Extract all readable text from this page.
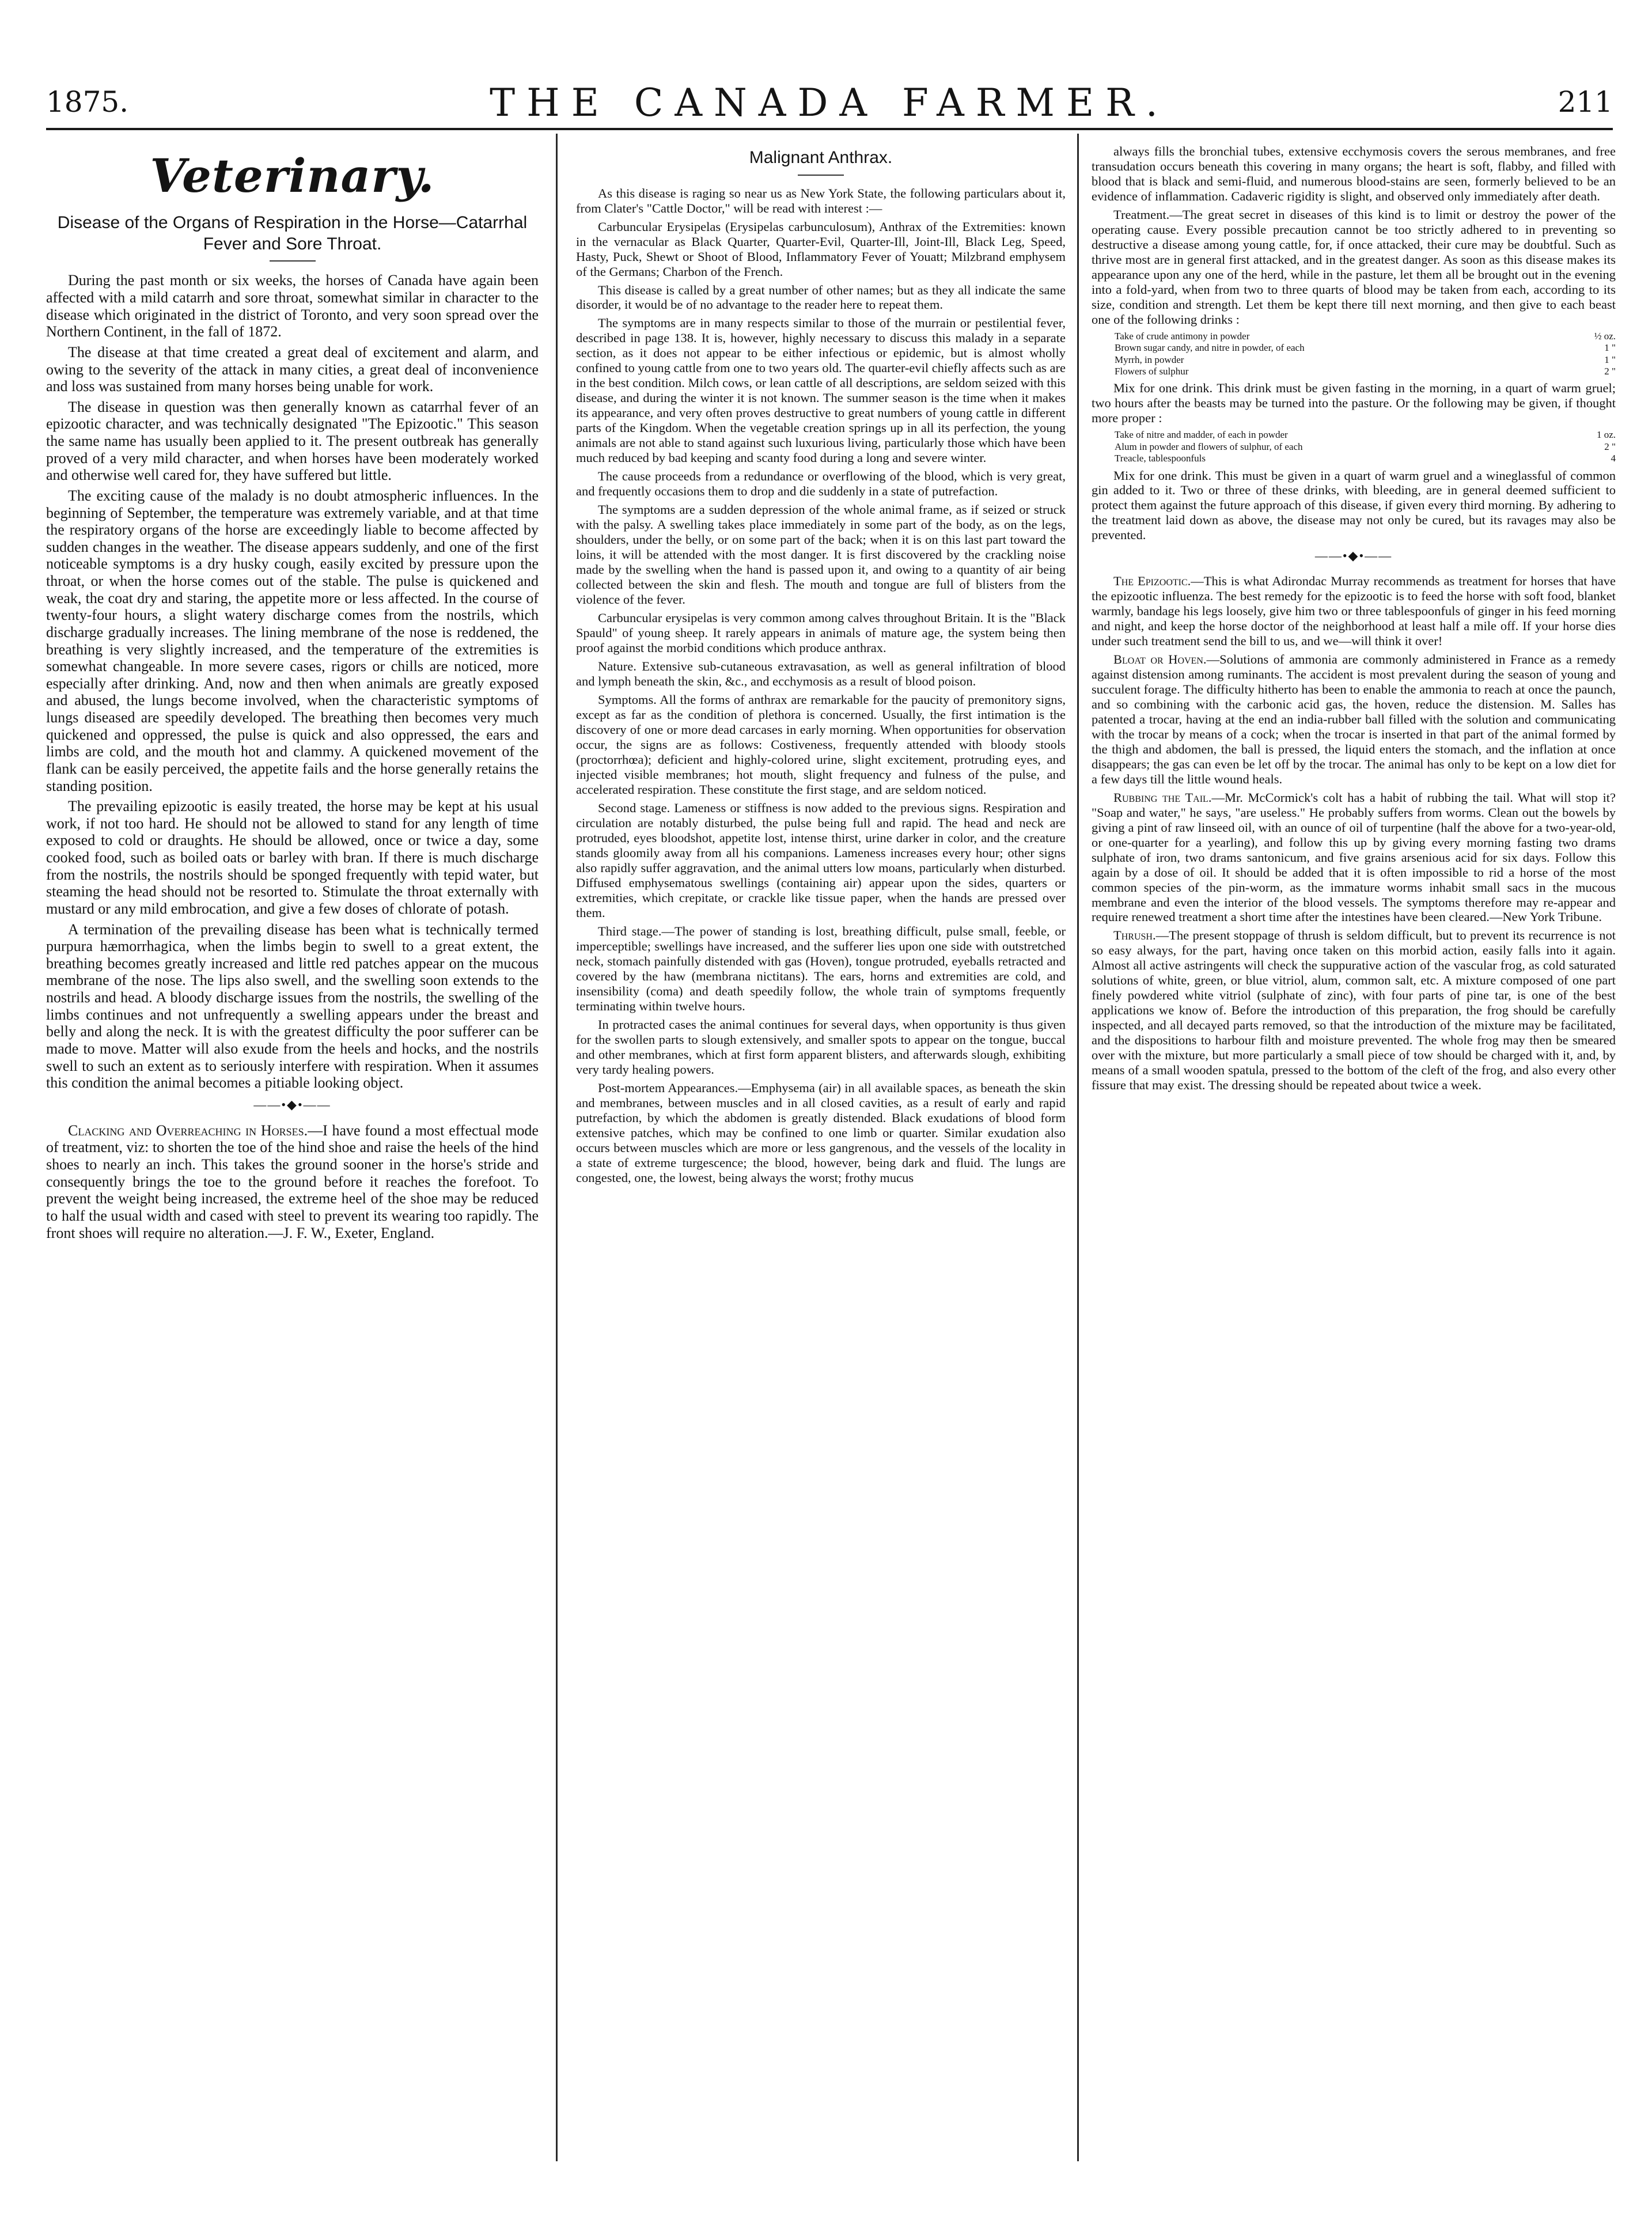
1875.	THE CANADA FARMER.	211
Veterinary.

Disease of the Organs of Respiration in the Horse—Catarrhal Fever and Sore Throat.

During the past month or six weeks, the horses of Canada have again been affected with a mild catarrh and sore throat, somewhat similar in character to the disease which originated in the district of Toronto, and very soon spread over the Northern Continent, in the fall of 1872.

The disease at that time created a great deal of excitement and alarm, and owing to the severity of the attack in many cities, a great deal of inconvenience and loss was sustained from many horses being unable for work.

The disease in question was then generally known as catarrhal fever of an epizootic character, and was technically designated "The Epizootic." This season the same name has usually been applied to it. The present outbreak has generally proved of a very mild character, and when horses have been moderately worked and otherwise well cared for, they have suffered but little.

The exciting cause of the malady is no doubt atmospheric influences. In the beginning of September, the temperature was extremely variable, and at that time the respiratory organs of the horse are exceedingly liable to become affected by sudden changes in the weather. The disease appears suddenly, and one of the first noticeable symptoms is a dry husky cough, easily excited by pressure upon the throat, or when the horse comes out of the stable. The pulse is quickened and weak, the coat dry and staring, the appetite more or less affected. In the course of twenty-four hours, a slight watery discharge comes from the nostrils, which discharge gradually increases. The lining membrane of the nose is reddened, the breathing is very slightly increased, and the temperature of the extremities is somewhat changeable. In more severe cases, rigors or chills are noticed, more especially after drinking. And, now and then when animals are greatly exposed and abused, the lungs become involved, when the characteristic symptoms of lungs diseased are speedily developed. The breathing then becomes very much quickened and oppressed, the pulse is quick and also oppressed, the ears and limbs are cold, and the mouth hot and clammy. A quickened movement of the flank can be easily perceived, the appetite fails and the horse generally retains the standing position.

The prevailing epizootic is easily treated, the horse may be kept at his usual work, if not too hard. He should not be allowed to stand for any length of time exposed to cold or draughts. He should be allowed, once or twice a day, some cooked food, such as boiled oats or barley with bran. If there is much discharge from the nostrils, the nostrils should be sponged frequently with tepid water, but steaming the head should not be resorted to. Stimulate the throat externally with mustard or any mild embrocation, and give a few doses of chlorate of potash.

A termination of the prevailing disease has been what is technically termed purpura hæmorrhagica, when the limbs begin to swell to a great extent, the breathing becomes greatly increased and little red patches appear on the mucous membrane of the nose. The lips also swell, and the swelling soon extends to the nostrils and head. A bloody discharge issues from the nostrils, the swelling of the limbs continues and not unfrequently a swelling appears under the breast and belly and along the neck. It is with the greatest difficulty the poor sufferer can be made to move. Matter will also exude from the heels and hocks, and the nostrils swell to such an extent as to seriously interfere with respiration. When it assumes this condition the animal becomes a pitiable looking object.

——•◆•——

Clacking and Overreaching in Horses.—I have found a most effectual mode of treatment, viz: to shorten the toe of the hind shoe and raise the heels of the hind shoes to nearly an inch. This takes the ground sooner in the horse's stride and consequently brings the toe to the ground before it reaches the forefoot. To prevent the weight being increased, the extreme heel of the shoe may be reduced to half the usual width and cased with steel to prevent its wearing too rapidly. The front shoes will require no alteration.—J. F. W., Exeter, England.

Malignant Anthrax.

As this disease is raging so near us as New York State, the following particulars about it, from Clater's "Cattle Doctor," will be read with interest :—

Carbuncular Erysipelas (Erysipelas carbunculosum), Anthrax of the Extremities: known in the vernacular as Black Quarter, Quarter-Evil, Quarter-Ill, Joint-Ill, Black Leg, Speed, Hasty, Puck, Shewt or Shoot of Blood, Inflammatory Fever of Youatt; Milzbrand emphysem of the Germans; Charbon of the French.

This disease is called by a great number of other names; but as they all indicate the same disorder, it would be of no advantage to the reader here to repeat them.

The symptoms are in many respects similar to those of the murrain or pestilential fever, described in page 138. It is, however, highly necessary to discuss this malady in a separate section, as it does not appear to be either infectious or epidemic, but is almost wholly confined to young cattle from one to two years old. The quarter-evil chiefly affects such as are in the best condition. Milch cows, or lean cattle of all descriptions, are seldom seized with this disease, and during the winter it is not known. The summer season is the time when it makes its appearance, and very often proves destructive to great numbers of young cattle in different parts of the Kingdom. When the vegetable creation springs up in all its perfection, the young animals are not able to stand against such luxurious living, particularly those which have been much reduced by bad keeping and scanty food during a long and severe winter.

The cause proceeds from a redundance or overflowing of the blood, which is very great, and frequently occasions them to drop and die suddenly in a state of putrefaction.

The symptoms are a sudden depression of the whole animal frame, as if seized or struck with the palsy. A swelling takes place immediately in some part of the body, as on the legs, shoulders, under the belly, or on some part of the back; when it is on this last part toward the loins, it will be attended with the most danger. It is first discovered by the crackling noise made by the swelling when the hand is passed upon it, and owing to a quantity of air being collected between the skin and flesh. The mouth and tongue are full of blisters from the violence of the fever.

Carbuncular erysipelas is very common among calves throughout Britain. It is the "Black Spauld" of young sheep. It rarely appears in animals of mature age, the system being then proof against the morbid conditions which produce anthrax.

Nature. Extensive sub-cutaneous extravasation, as well as general infiltration of blood and lymph beneath the skin, &c., and ecchymosis as a result of blood poison.

Symptoms. All the forms of anthrax are remarkable for the paucity of premonitory signs, except as far as the condition of plethora is concerned. Usually, the first intimation is the discovery of one or more dead carcases in early morning. When opportunities for observation occur, the signs are as follows: Costiveness, frequently attended with bloody stools (proctorrhœa); deficient and highly-colored urine, slight excitement, protruding eyes, and injected visible membranes; hot mouth, slight frequency and fulness of the pulse, and accelerated respiration. These constitute the first stage, and are seldom noticed.

Second stage. Lameness or stiffness is now added to the previous signs. Respiration and circulation are notably disturbed, the pulse being full and rapid. The head and neck are protruded, eyes bloodshot, appetite lost, intense thirst, urine darker in color, and the creature stands gloomily away from all his companions. Lameness increases every hour; other signs also rapidly suffer aggravation, and the animal utters low moans, particularly when disturbed. Diffused emphysematous swellings (containing air) appear upon the sides, quarters or extremities, which crepitate, or crackle like tissue paper, when the hands are pressed over them.

Third stage.—The power of standing is lost, breathing difficult, pulse small, feeble, or imperceptible; swellings have increased, and the sufferer lies upon one side with outstretched neck, stomach painfully distended with gas (Hoven), tongue protruded, eyeballs retracted and covered by the haw (membrana nictitans). The ears, horns and extremities are cold, and insensibility (coma) and death speedily follow, the whole train of symptoms frequently terminating within twelve hours.

In protracted cases the animal continues for several days, when opportunity is thus given for the swollen parts to slough extensively, and smaller spots to appear on the tongue, buccal and other membranes, which at first form apparent blisters, and afterwards slough, exhibiting very tardy healing powers.

Post-mortem Appearances.—Emphysema (air) in all available spaces, as beneath the skin and membranes, between muscles and in all closed cavities, as a result of early and rapid putrefaction, by which the abdomen is greatly distended. Black exudations of blood form extensive patches, which may be confined to one limb or quarter. Similar exudation also occurs between muscles which are more or less gangrenous, and the vessels of the locality in a state of extreme turgescence; the blood, however, being dark and fluid. The lungs are congested, one, the lowest, being always the worst; frothy mucus

always fills the bronchial tubes, extensive ecchymosis covers the serous membranes, and free transudation occurs beneath this covering in many organs; the heart is soft, flabby, and filled with blood that is black and semi-fluid, and numerous blood-stains are seen, formerly believed to be an evidence of inflammation. Cadaveric rigidity is slight, and observed only immediately after death.

Treatment.—The great secret in diseases of this kind is to limit or destroy the power of the operating cause. Every possible precaution cannot be too strictly adhered to in preventing so destructive a disease among young cattle, for, if once attacked, their cure may be doubtful. Such as thrive most are in general first attacked, and in the greatest danger. As soon as this disease makes its appearance upon any one of the herd, while in the pasture, let them all be brought out in the evening into a fold-yard, when from two to three quarts of blood may be taken from each, according to its size, condition and strength. Let them be kept there till next morning, and then give to each beast one of the following drinks :

Take of crude antimony in powder	½ oz.
Brown sugar candy, and nitre in powder, of each	1 "
Myrrh, in powder	1 "
Flowers of sulphur	2 "

Mix for one drink. This drink must be given fasting in the morning, in a quart of warm gruel; two hours after the beasts may be turned into the pasture. Or the following may be given, if thought more proper :

Take of nitre and madder, of each in powder	1 oz.
Alum in powder and flowers of sulphur, of each	2 "
Treacle, tablespoonfuls	4

Mix for one drink. This must be given in a quart of warm gruel and a wineglassful of common gin added to it. Two or three of these drinks, with bleeding, are in general deemed sufficient to protect them against the future approach of this disease, if given every third morning. By adhering to the treatment laid down as above, the disease may not only be cured, but its ravages may also be prevented.

——•◆•——

The Epizootic.—This is what Adirondac Murray recommends as treatment for horses that have the epizootic influenza. The best remedy for the epizootic is to feed the horse with soft food, blanket warmly, bandage his legs loosely, give him two or three tablespoonfuls of ginger in his feed morning and night, and keep the horse doctor of the neighborhood at least half a mile off. If your horse dies under such treatment send the bill to us, and we—will think it over!

Bloat or Hoven.—Solutions of ammonia are commonly administered in France as a remedy against distension among ruminants. The accident is most prevalent during the season of young and succulent forage. The difficulty hitherto has been to enable the ammonia to reach at once the paunch, and so combining with the carbonic acid gas, the hoven, reduce the distension. M. Salles has patented a trocar, having at the end an india-rubber ball filled with the solution and communicating with the trocar by means of a cock; when the trocar is inserted in that part of the animal formed by the thigh and abdomen, the ball is pressed, the liquid enters the stomach, and the inflation at once disappears; the gas can even be let off by the trocar. The animal has only to be kept on a low diet for a few days till the little wound heals.

Rubbing the Tail.—Mr. McCormick's colt has a habit of rubbing the tail. What will stop it? "Soap and water," he says, "are useless." He probably suffers from worms. Clean out the bowels by giving a pint of raw linseed oil, with an ounce of oil of turpentine (half the above for a two-year-old, or one-quarter for a yearling), and follow this up by giving every morning fasting two drams sulphate of iron, two drams santonicum, and five grains arsenious acid for six days. Follow this again by a dose of oil. It should be added that it is often impossible to rid a horse of the most common species of the pin-worm, as the immature worms inhabit small sacs in the mucous membrane and even the interior of the blood vessels. The symptoms therefore may re-appear and require renewed treatment a short time after the intestines have been cleared.—New York Tribune.

Thrush.—The present stoppage of thrush is seldom difficult, but to prevent its recurrence is not so easy always, for the part, having once taken on this morbid action, easily falls into it again. Almost all active astringents will check the suppurative action of the vascular frog, as cold saturated solutions of white, green, or blue vitriol, alum, common salt, etc. A mixture composed of one part finely powdered white vitriol (sulphate of zinc), with four parts of pine tar, is one of the best applications we know of. Before the introduction of this preparation, the frog should be carefully inspected, and all decayed parts removed, so that the introduction of the mixture may be facilitated, and the dispositions to harbour filth and moisture prevented. The whole frog may then be smeared over with the mixture, but more particularly a small piece of tow should be charged with it, and, by means of a small wooden spatula, pressed to the bottom of the cleft of the frog, and also every other fissure that may exist. The dressing should be repeated about twice a week.
